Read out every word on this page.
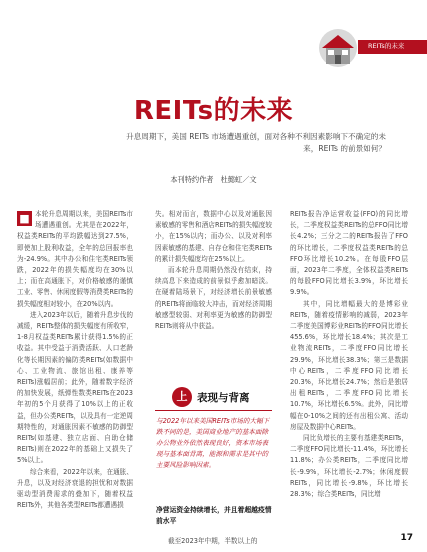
REITs的未来
REITs的未来
升息周期下，美国 REITs 市场遭遇重创，面对各种不利因素影响下不确定的未来，REITs 的前景如何？
本刊特约作者　杜懿虹／文

■ 本轮升息周期以来，美国REITs市场遭遇重创。尤其是在2022年，权益类REITs的平均跌幅达到27.5%，即使加上股利收益，全年的总回报率也为-24.9%。其中办公和住宅类REITs领跌，2022年的损失幅度均在30%以上；而在高通胀下，对价格敏感的谨慎工业、零售、休闲度假等消费类REITs的损失幅度相对较小，在20%以内。

进入2023年以后，随着升息步伐的减缓，REITs整体的损失幅度有所收窄，1-8月权益类REITs累计获得1.5%的正收益。其中受益于消费活跃、人口老龄化等长期因素的偏防类REITs(如数据中心、工业物流、旅馆出租、康养等REITs)涨幅居前；此外，随着数字经济的加快发展，纸弹性数类REITs在2023年初的5个月获得了10%以上的正收益，但办公类REITs，以及具有一定逆周期特性的，对通胀因素不敏感的防御型REITs(如基建、独立店面、自助仓储REITs)则在2022年的基础上又损失了5%以上。

综合来看，2022年以来，在通胀、升息，以及对经济衰退的担忧和对数据驱动型消费需求的叠加下，随着权益REITs外，其他各类型REITs都遭遇损

失。相对而言，数据中心以及对通胀因素敏感的零售和酒店REITs的损失幅度较小，在15%以内；而办公、以及对利率因素敏感的基建、自存仓和住宅类REITs的累计损失幅度均在25%以上。

而本轮升息周期仍然没有结束，持续高息下来造成的前景似乎愈加暗淡。在硬着陆场景下，对经济增长前景敏感的REITs将面临较大冲击，而对经济周期敏感型较弱、对利率更为敏感的防御型REITs则将从中获益。

上 表现与背离
与2022年以来美国REITs市场的大幅下跌不同的是，美国商业地产的基本面除办公物业外依然表现良好，资本市场表现与基本面背离，能源和需求是其中的主要风险影响因素。
净营运资金持续增长，并且着超越疫情前水平
截至2023年中期，半数以上的

REITs报告净运营收益(FFO)的同比增长，二季度权益类REITs的总FFO同比增长4.2%；三分之二的REITs报告了FFO的环比增长，二季度权益类REITs的总FFO环比增长10.2%。在每股FFO层面，2023年二季度，全体权益类REITs的每股FFO同比增长3.9%，环比增长9.9%。

其中，同比增幅最大的是博彩业REITs，随着疫情影响的减弱，2023年二季度美国博彩业REITs的FFO同比增长455.6%，环比增长18.4%；其次是工业物流REITs，二季度FFO同比增长29.9%，环比增长38.3%；第三是数据中心REITs，二季度FFO同比增长20.3%，环比增长24.7%；然后是独居出租REITs，二季度FFO同比增长10.7%，环比增长6.5%。此外，同比增幅在0-10%之间的还有出租公寓、活动房屋及数据中心REITs。

同比负增长的主要有基建类REITs，二季度FFO同比增长-11.4%，环比增长11.8%；办公类REITs，二季度同比增长-9.9%，环比增长-2.7%；休闲度假REITs，同比增长-9.8%，环比增长28.3%；综合类REITs，同比增

17
